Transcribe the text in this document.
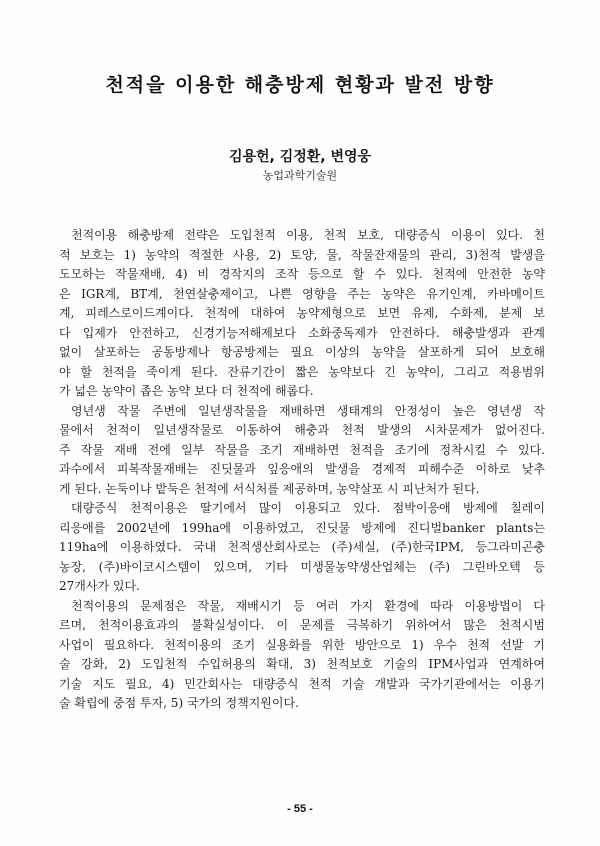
천적을 이용한 해충방제 현황과 발전 방향
김용헌, 김정환, 변영웅
농업과학기술원
천적이용 해충방제 전략은 도입천적 이용, 천적 보호, 대량증식 이용이 있다. 천
적 보호는 1) 농약의 적절한 사용, 2) 토양, 물, 작물잔재물의 관리, 3)천적 발생을
도모하는 작물재배, 4) 비 경작지의 조작 등으로 할 수 있다. 천적에 안전한 농약
은 IGR계, BT계, 천연살충제이고, 나쁜 영향을 주는 농약은 유기인계, 카바메이트
계, 피레스로이드계이다. 천적에 대하여 농약제형으로 보면 유제, 수화제, 분제 보
다 입제가 안전하고, 신경기능저해제보다 소화중독제가 안전하다. 해충발생과 관계
없이 살포하는 공동방제나 항공방제는 필요 이상의 농약을 살포하게 되어 보호해
야 할 천적을 죽이게 된다. 잔류기간이 짧은 농약보다 긴 농약이, 그리고 적용범위
가 넓은 농약이 좁은 농약 보다 더 천적에 해롭다.
영년생 작물 주변에 일년생작물을 재배하면 생태계의 안정성이 높은 영년생 작
물에서 천적이 일년생작물로 이동하여 해충과 천적 발생의 시차문제가 없어진다.
주 작물 재배 전에 일부 작물을 조기 재배하면 천적을 조기에 정착시킬 수 있다.
과수에서 피복작물재배는 진딧물과 잎응애의 발생을 경제적 피해수준 이하로 낮추
게 된다. 논둑이나 밭둑은 천적에 서식처를 제공하며, 농약살포 시 피난처가 된다.
대량증식 천적이용은 딸기에서 많이 이용되고 있다. 점박이응애 방제에 칠레이
리응애를 2002년에 199ha에 이용하였고, 진딧물 방제에 진디벌banker plants는
119ha에 이용하였다. 국내 천적생산회사로는 (주)세실, (주)한국IPM, 등그라미곤충
농장, (주)바이코시스템이 있으며, 기타 미생물농약생산업체는 (주) 그린바오텍 등
27개사가 있다.
천적이용의 문제점은 작물, 재배시기 등 여러 가지 환경에 따라 이용방법이 다
르며, 천적이용효과의 불확실성이다. 이 문제를 극복하기 위하여서 많은 천적시범
사업이 필요하다. 천적이용의 조기 실용화를 위한 방안으로 1) 우수 천적 선발 기
술 강화, 2) 도입천적 수입허용의 확대, 3) 천적보호 기술의 IPM사업과 연계하여
기술 지도 필요, 4) 민간회사는 대량증식 천적 기술 개발과 국가기관에서는 이용기
술 확립에 중점 투자, 5) 국가의 정책지원이다.
- 55 -
